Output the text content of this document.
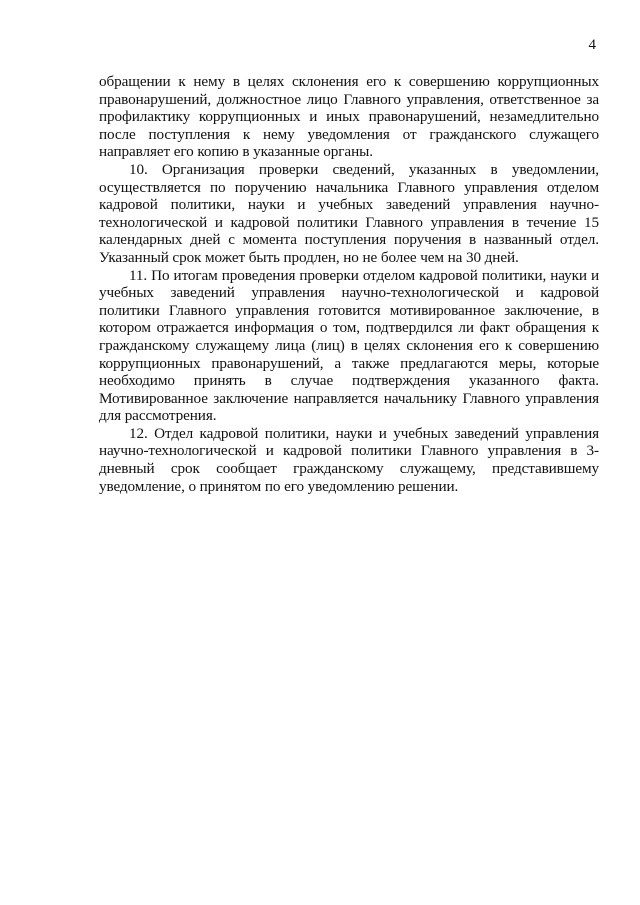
4

обращении к нему в целях склонения его к совершению коррупционных правонарушений, должностное лицо Главного управления, ответственное за профилактику коррупционных и иных правонарушений, незамедлительно после поступления к нему уведомления от гражданского служащего направляет его копию в указанные органы.

10. Организация проверки сведений, указанных в уведомлении, осуществляется по поручению начальника Главного управления отделом кадровой политики, науки и учебных заведений управления научно-технологической и кадровой политики Главного управления в течение 15 календарных дней с момента поступления поручения в названный отдел. Указанный срок может быть продлен, но не более чем на 30 дней.

11. По итогам проведения проверки отделом кадровой политики, науки и учебных заведений управления научно-технологической и кадровой политики Главного управления готовится мотивированное заключение, в котором отражается информация о том, подтвердился ли факт обращения к гражданскому служащему лица (лиц) в целях склонения его к совершению коррупционных правонарушений, а также предлагаются меры, которые необходимо принять в случае подтверждения указанного факта. Мотивированное заключение направляется начальнику Главного управления для рассмотрения.

12. Отдел кадровой политики, науки и учебных заведений управления научно-технологической и кадровой политики Главного управления в 3-дневный срок сообщает гражданскому служащему, представившему уведомление, о принятом по его уведомлению решении.
